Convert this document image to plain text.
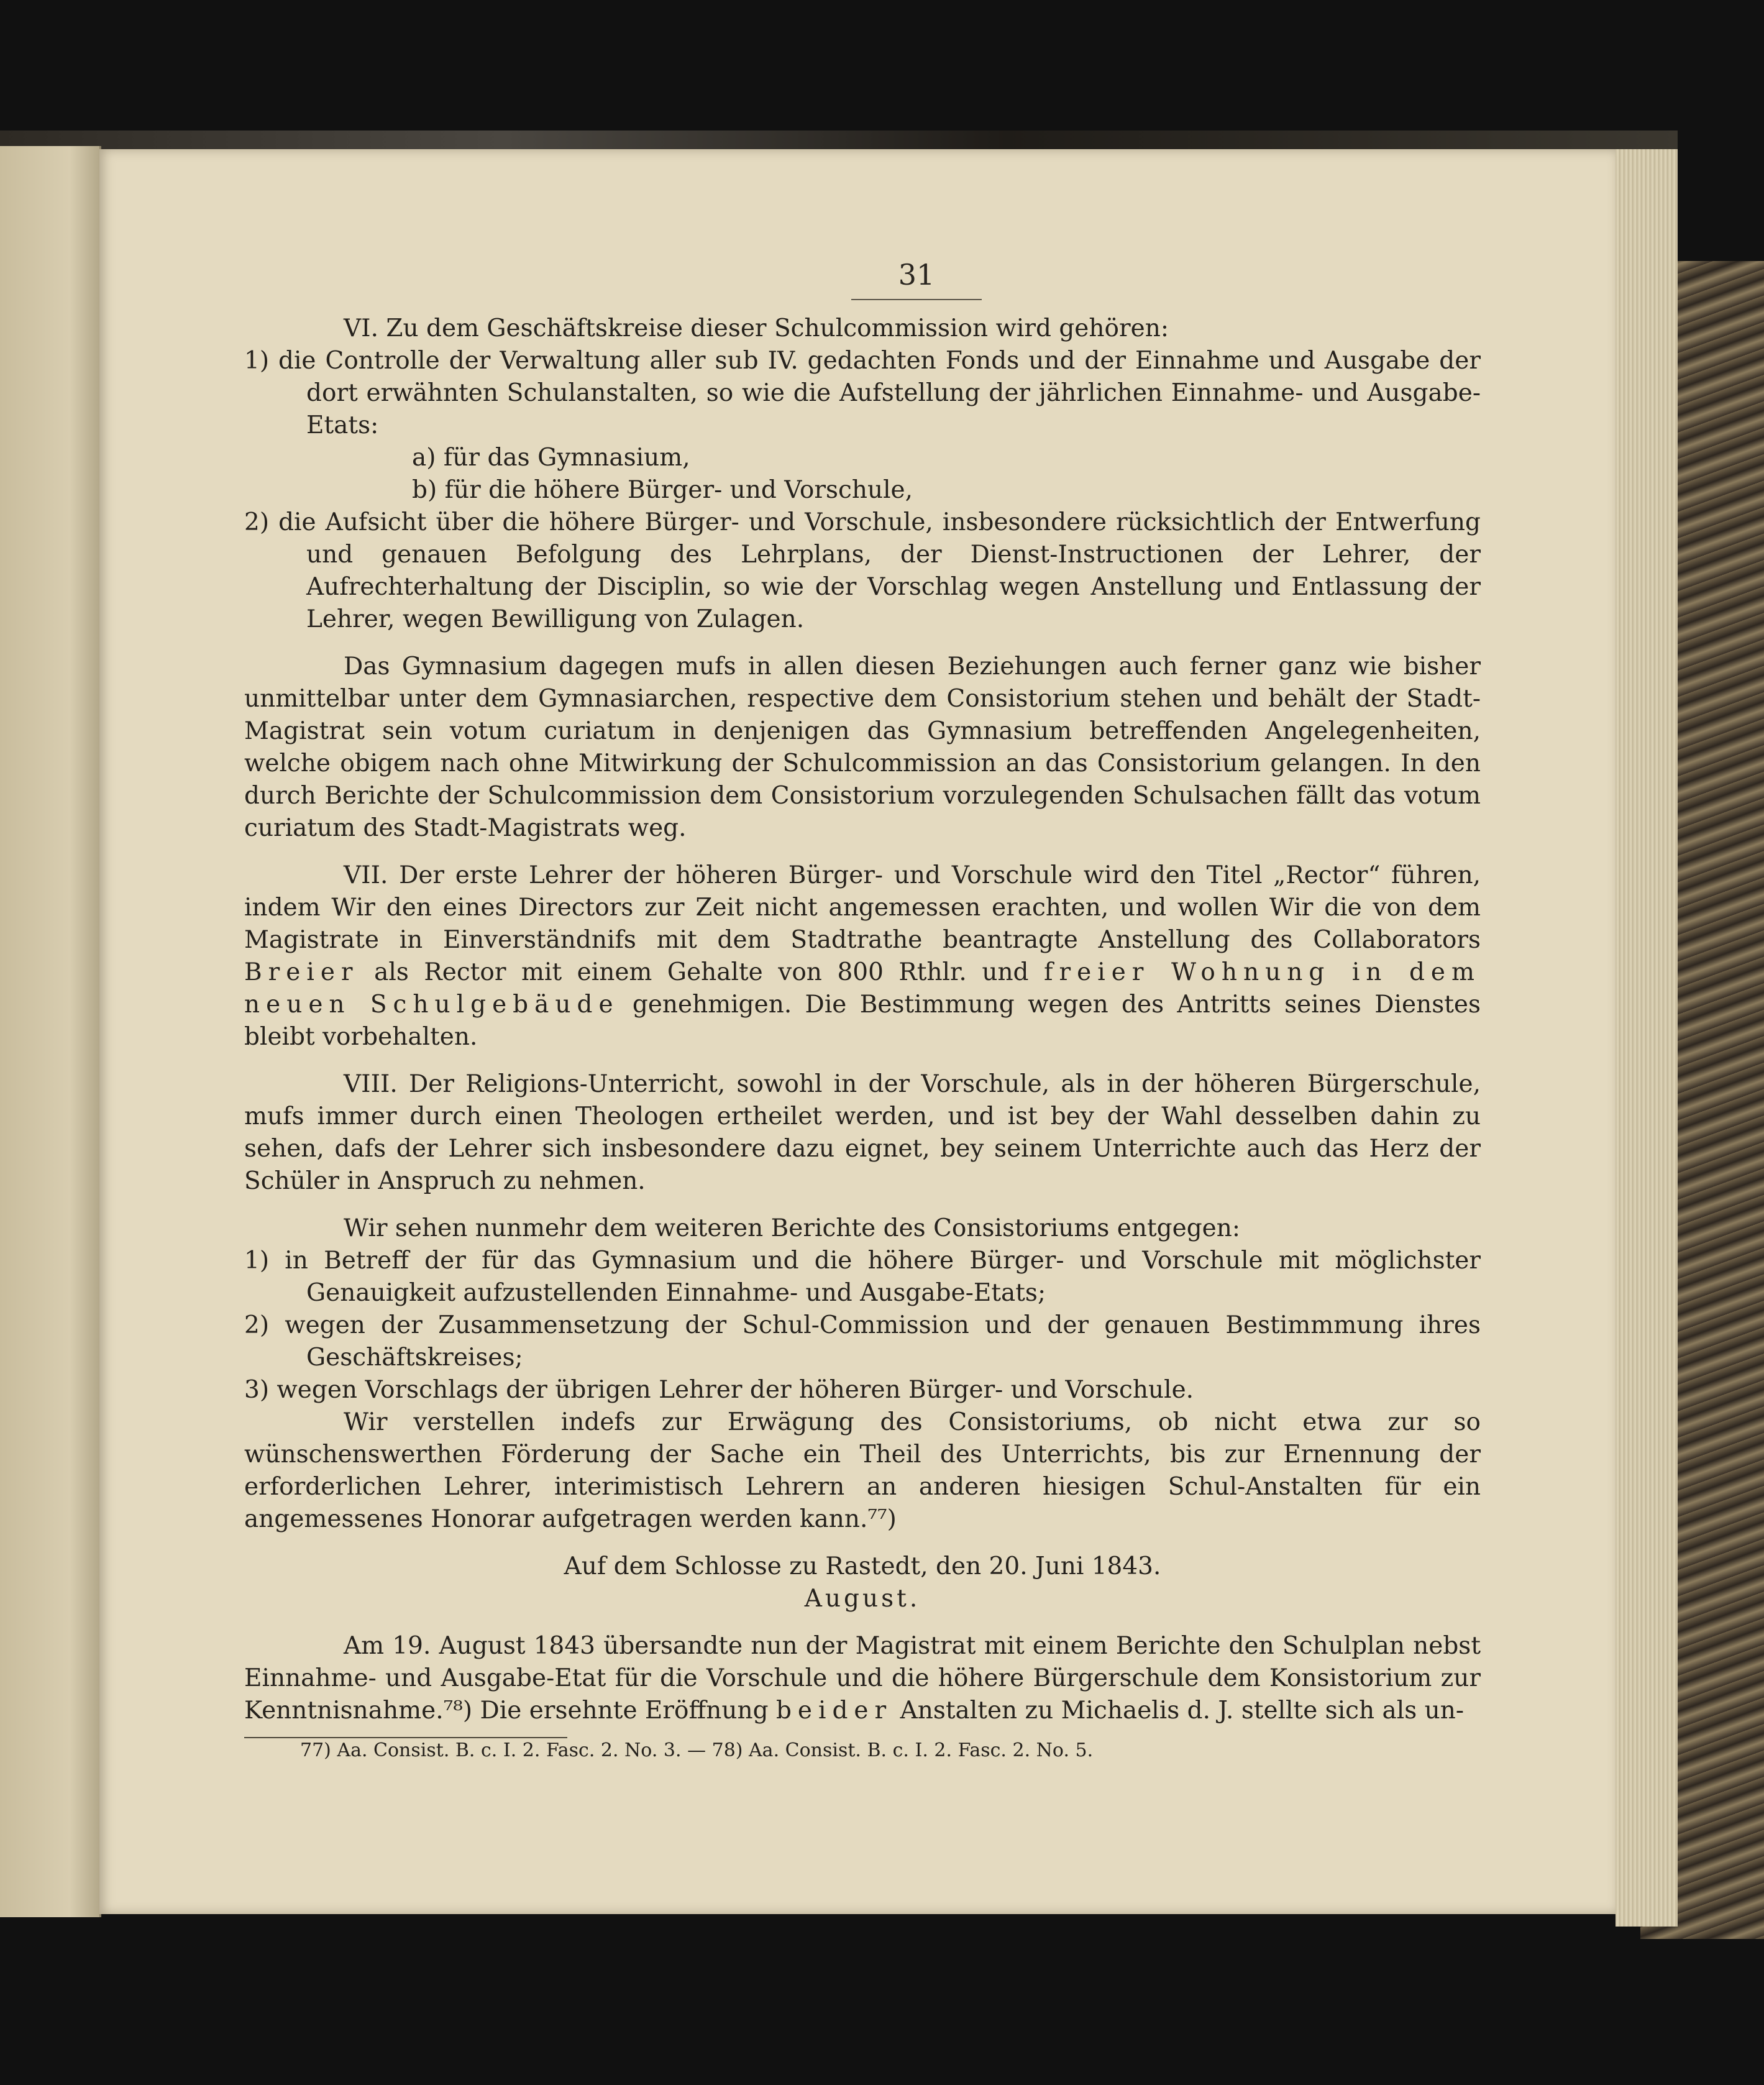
31

VI. Zu dem Geschäftskreise dieser Schulcommission wird gehören:

1) die Controlle der Verwaltung aller sub IV. gedachten Fonds und der Einnahme und Ausgabe der dort erwähnten Schulanstalten, so wie die Aufstellung der jährlichen Einnahme- und Ausgabe-Etats:

a) für das Gymnasium,

b) für die höhere Bürger- und Vorschule,

2) die Aufsicht über die höhere Bürger- und Vorschule, insbesondere rücksichtlich der Entwerfung und genauen Befolgung des Lehrplans, der Dienst-Instructionen der Lehrer, der Aufrechterhaltung der Disciplin, so wie der Vorschlag wegen Anstellung und Entlassung der Lehrer, wegen Bewilligung von Zulagen.

Das Gymnasium dagegen mufs in allen diesen Beziehungen auch ferner ganz wie bisher unmittelbar unter dem Gymnasiarchen, respective dem Consistorium stehen und behält der Stadt-Magistrat sein votum curiatum in denjenigen das Gymnasium betreffenden Angelegenheiten, welche obigem nach ohne Mitwirkung der Schulcommission an das Consistorium gelangen. In den durch Berichte der Schulcommission dem Consistorium vorzulegenden Schulsachen fällt das votum curiatum des Stadt-Magistrats weg.

VII. Der erste Lehrer der höheren Bürger- und Vorschule wird den Titel „Rector“ führen, indem Wir den eines Directors zur Zeit nicht angemessen erachten, und wollen Wir die von dem Magistrate in Einverständnifs mit dem Stadtrathe beantragte Anstellung des Collaborators Breier als Rector mit einem Gehalte von 800 Rthlr. und freier Wohnung in dem neuen Schulgebäude genehmigen. Die Bestimmung wegen des Antritts seines Dienstes bleibt vorbehalten.

VIII. Der Religions-Unterricht, sowohl in der Vorschule, als in der höheren Bürgerschule, mufs immer durch einen Theologen ertheilet werden, und ist bey der Wahl desselben dahin zu sehen, dafs der Lehrer sich insbesondere dazu eignet, bey seinem Unterrichte auch das Herz der Schüler in Anspruch zu nehmen.

Wir sehen nunmehr dem weiteren Berichte des Consistoriums entgegen:

1) in Betreff der für das Gymnasium und die höhere Bürger- und Vorschule mit möglichster Genauigkeit aufzustellenden Einnahme- und Ausgabe-Etats;

2) wegen der Zusammensetzung der Schul-Commission und der genauen Bestimmmung ihres Geschäftskreises;

3) wegen Vorschlags der übrigen Lehrer der höheren Bürger- und Vorschule.

Wir verstellen indefs zur Erwägung des Consistoriums, ob nicht etwa zur so wünschenswerthen Förderung der Sache ein Theil des Unterrichts, bis zur Ernennung der erforderlichen Lehrer, interimistisch Lehrern an anderen hiesigen Schul-Anstalten für ein angemessenes Honorar aufgetragen werden kann.⁷⁷)

Auf dem Schlosse zu Rastedt, den 20. Juni 1843.

August.

Am 19. August 1843 übersandte nun der Magistrat mit einem Berichte den Schulplan nebst Einnahme- und Ausgabe-Etat für die Vorschule und die höhere Bürgerschule dem Konsistorium zur Kenntnisnahme.⁷⁸) Die ersehnte Eröffnung beider Anstalten zu Michaelis d. J. stellte sich als un-

77) Aa. Consist. B. c. I. 2. Fasc. 2. No. 3. — 78) Aa. Consist. B. c. I. 2. Fasc. 2. No. 5.
